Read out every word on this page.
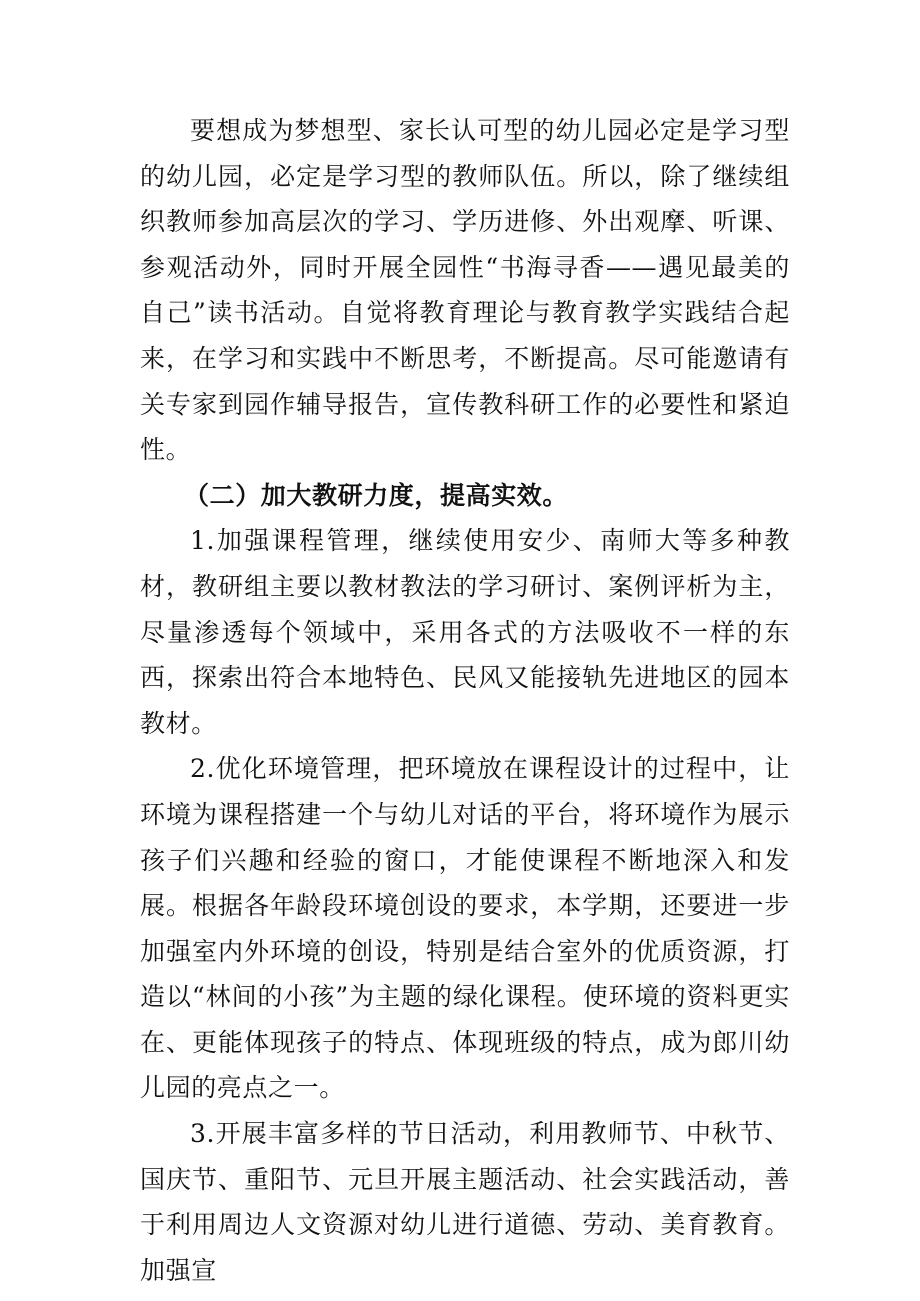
要想成为梦想型、家长认可型的幼儿园必定是学习型的幼儿园，必定是学习型的教师队伍。所以，除了继续组织教师参加高层次的学习、学历进修、外出观摩、听课、参观活动外，同时开展全园性“书海寻香——遇见最美的自己”读书活动。自觉将教育理论与教育教学实践结合起来，在学习和实践中不断思考，不断提高。尽可能邀请有关专家到园作辅导报告，宣传教科研工作的必要性和紧迫性。

（二）加大教研力度，提高实效。

1.加强课程管理，继续使用安少、南师大等多种教材，教研组主要以教材教法的学习研讨、案例评析为主，尽量渗透每个领域中，采用各式的方法吸收不一样的东西，探索出符合本地特色、民风又能接轨先进地区的园本教材。

2.优化环境管理，把环境放在课程设计的过程中，让环境为课程搭建一个与幼儿对话的平台，将环境作为展示孩子们兴趣和经验的窗口，才能使课程不断地深入和发展。根据各年龄段环境创设的要求，本学期，还要进一步加强室内外环境的创设，特别是结合室外的优质资源，打造以“林间的小孩”为主题的绿化课程。使环境的资料更实在、更能体现孩子的特点、体现班级的特点，成为郎川幼儿园的亮点之一。

3.开展丰富多样的节日活动，利用教师节、中秋节、国庆节、重阳节、元旦开展主题活动、社会实践活动，善于利用周边人文资源对幼儿进行道德、劳动、美育教育。加强宣
